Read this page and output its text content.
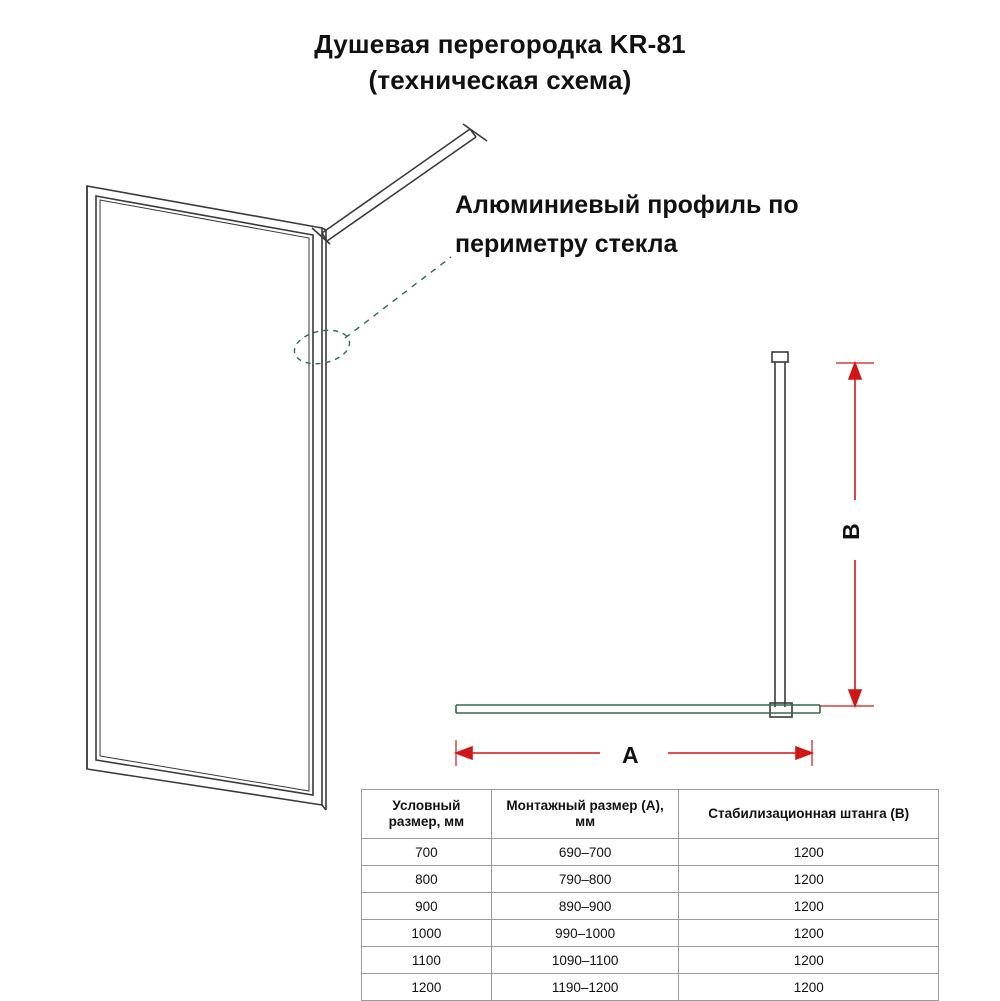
Душевая перегородка KR-81
(техническая схема)
Алюминиевый профиль по периметру стекла
A
B
Условный размер, мм	Монтажный размер (A), мм	Стабилизационная штанга (B)
700	690–700	1200
800	790–800	1200
900	890–900	1200
1000	990–1000	1200
1100	1090–1100	1200
1200	1190–1200	1200
